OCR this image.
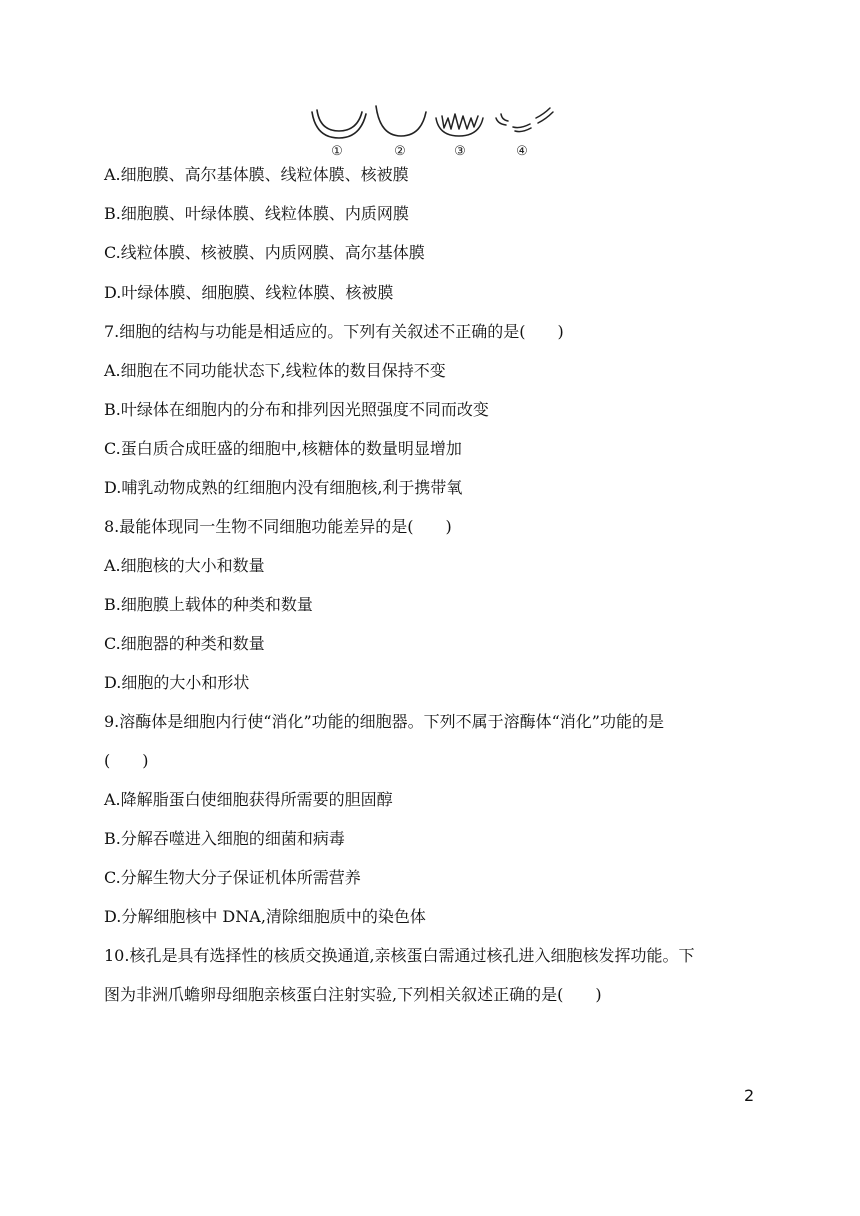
①	②	③	④
A.细胞膜、高尔基体膜、线粒体膜、核被膜
B.细胞膜、叶绿体膜、线粒体膜、内质网膜
C.线粒体膜、核被膜、内质网膜、高尔基体膜
D.叶绿体膜、细胞膜、线粒体膜、核被膜
7.细胞的结构与功能是相适应的。下列有关叙述不正确的是(　　)
A.细胞在不同功能状态下,线粒体的数目保持不变
B.叶绿体在细胞内的分布和排列因光照强度不同而改变
C.蛋白质合成旺盛的细胞中,核糖体的数量明显增加
D.哺乳动物成熟的红细胞内没有细胞核,利于携带氧
8.最能体现同一生物不同细胞功能差异的是(　　)
A.细胞核的大小和数量
B.细胞膜上载体的种类和数量
C.细胞器的种类和数量
D.细胞的大小和形状
9.溶酶体是细胞内行使“消化”功能的细胞器。下列不属于溶酶体“消化”功能的是
(　　)
A.降解脂蛋白使细胞获得所需要的胆固醇
B.分解吞噬进入细胞的细菌和病毒
C.分解生物大分子保证机体所需营养
D.分解细胞核中 DNA,清除细胞质中的染色体
10.核孔是具有选择性的核质交换通道,亲核蛋白需通过核孔进入细胞核发挥功能。下
图为非洲爪蟾卵母细胞亲核蛋白注射实验,下列相关叙述正确的是(　　)
2
